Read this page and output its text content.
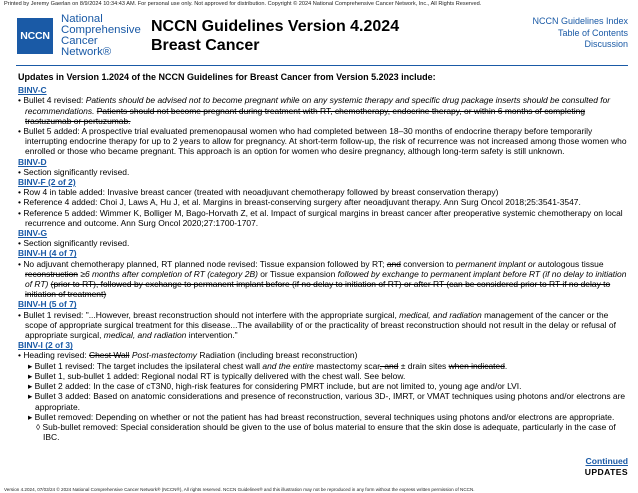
Printed by Jeremy Gaerlan on 8/9/2024 10:34:43 AM. For personal use only. Not approved for distribution. Copyright © 2024 National Comprehensive Cancer Network, Inc., All Rights Reserved.
NCCN
National
Comprehensive
Cancer
Network®
NCCN Guidelines Version 4.2024
Breast Cancer
NCCN Guidelines Index
Table of Contents
Discussion
Updates in Version 1.2024 of the NCCN Guidelines for Breast Cancer from Version 5.2023 include:
BINV-C
• Bullet 4 revised: Patients should be advised not to become pregnant while on any systemic therapy and specific drug package inserts should be consulted for recommendations. Patients should not become pregnant during treatment with RT, chemotherapy, endocrine therapy, or within 6 months of completing trastuzumab or pertuzumab.
• Bullet 5 added: A prospective trial evaluated premenopausal women who had completed between 18–30 months of endocrine therapy before temporarily interrupting endocrine therapy for up to 2 years to allow for pregnancy. At short-term follow-up, the risk of recurrence was not increased among those women who enrolled or those who became pregnant. This approach is an option for women who desire pregnancy, although long-term safety is still unknown.
BINV-D
• Section significantly revised.
BINV-F (2 of 2)
• Row 4 in table added: Invasive breast cancer (treated with neoadjuvant chemotherapy followed by breast conservation therapy)
• Reference 4 added: Choi J, Laws A, Hu J, et al. Margins in breast-conserving surgery after neoadjuvant therapy. Ann Surg Oncol 2018;25:3541-3547.
• Reference 5 added: Wimmer K, Bolliger M, Bago-Horvath Z, et al. Impact of surgical margins in breast cancer after preoperative systemic chemotherapy on local recurrence and outcome. Ann Surg Oncol 2020;27:1700-1707.
BINV-G
• Section significantly revised.
BINV-H (4 of 7)
• No adjuvant chemotherapy planned, RT planned node revised: Tissue expansion followed by RT; and conversion to permanent implant or autologous tissue reconstruction ≥6 months after completion of RT (category 2B) or Tissue expansion followed by exchange to permanent implant before RT (if no delay to initiation of RT) (prior to RT), followed by exchange to permanent implant before (if no delay to initiation of RT) or after RT (can be considered prior to RT if no delay to initiation of treatment)
BINV-H (5 of 7)
• Bullet 1 revised: "...However, breast reconstruction should not interfere with the appropriate surgical, medical, and radiation management of the cancer or the scope of appropriate surgical treatment for this disease...The availability of or the practicality of breast reconstruction should not result in the delay or refusal of appropriate surgical, medical, and radiation intervention."
BINV-I (2 of 3)
• Heading revised: Chest Wall Post-mastectomy Radiation (including breast reconstruction)
▸ Bullet 1 revised: The target includes the ipsilateral chest wall and the entire mastectomy scar, and ± drain sites when indicated.
▸ Bullet 1, sub-bullet 1 added: Regional nodal RT is typically delivered with the chest wall. See below.
▸ Bullet 2 added: In the case of cT3N0, high-risk features for considering PMRT include, but are not limited to, young age and/or LVI.
▸ Bullet 3 added: Based on anatomic considerations and presence of reconstruction, various 3D-, IMRT, or VMAT techniques using photons and/or electrons are appropriate.
▸ Bullet removed: Depending on whether or not the patient has had breast reconstruction, several techniques using photons and/or electrons are appropriate.
◊ Sub-bullet removed: Special consideration should be given to the use of bolus material to ensure that the skin dose is adequate, particularly in the case of IBC.
Continued
UPDATES
Version 4.2024, 07/03/24 © 2024 National Comprehensive Cancer Network® (NCCN®), All rights reserved. NCCN Guidelines® and this illustration may not be reproduced in any form without the express written permission of NCCN.
